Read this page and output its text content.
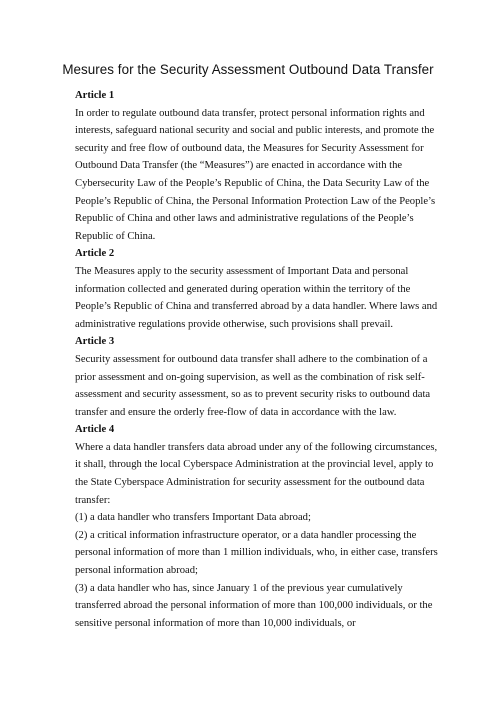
Mesures for the Security Assessment Outbound Data Transfer
Article 1
In order to regulate outbound data transfer, protect personal information rights and
interests, safeguard national security and social and public interests, and promote the
security and free flow of outbound data, the Measures for Security Assessment for
Outbound Data Transfer (the “Measures”) are enacted in accordance with the
Cybersecurity Law of the People’s Republic of China, the Data Security Law of the
People’s Republic of China, the Personal Information Protection Law of the People’s
Republic of China and other laws and administrative regulations of the People’s
Republic of China.
Article 2
The Measures apply to the security assessment of Important Data and personal
information collected and generated during operation within the territory of the
People’s Republic of China and transferred abroad by a data handler. Where laws and
administrative regulations provide otherwise, such provisions shall prevail.
Article 3
Security assessment for outbound data transfer shall adhere to the combination of a
prior assessment and on-going supervision, as well as the combination of risk self-
assessment and security assessment, so as to prevent security risks to outbound data
transfer and ensure the orderly free-flow of data in accordance with the law.
Article 4
Where a data handler transfers data abroad under any of the following circumstances,
it shall, through the local Cyberspace Administration at the provincial level, apply to
the State Cyberspace Administration for security assessment for the outbound data
transfer:
(1) a data handler who transfers Important Data abroad;
(2) a critical information infrastructure operator, or a data handler processing the
personal information of more than 1 million individuals, who, in either case, transfers
personal information abroad;
(3) a data handler who has, since January 1 of the previous year cumulatively
transferred abroad the personal information of more than 100,000 individuals, or the
sensitive personal information of more than 10,000 individuals, or
